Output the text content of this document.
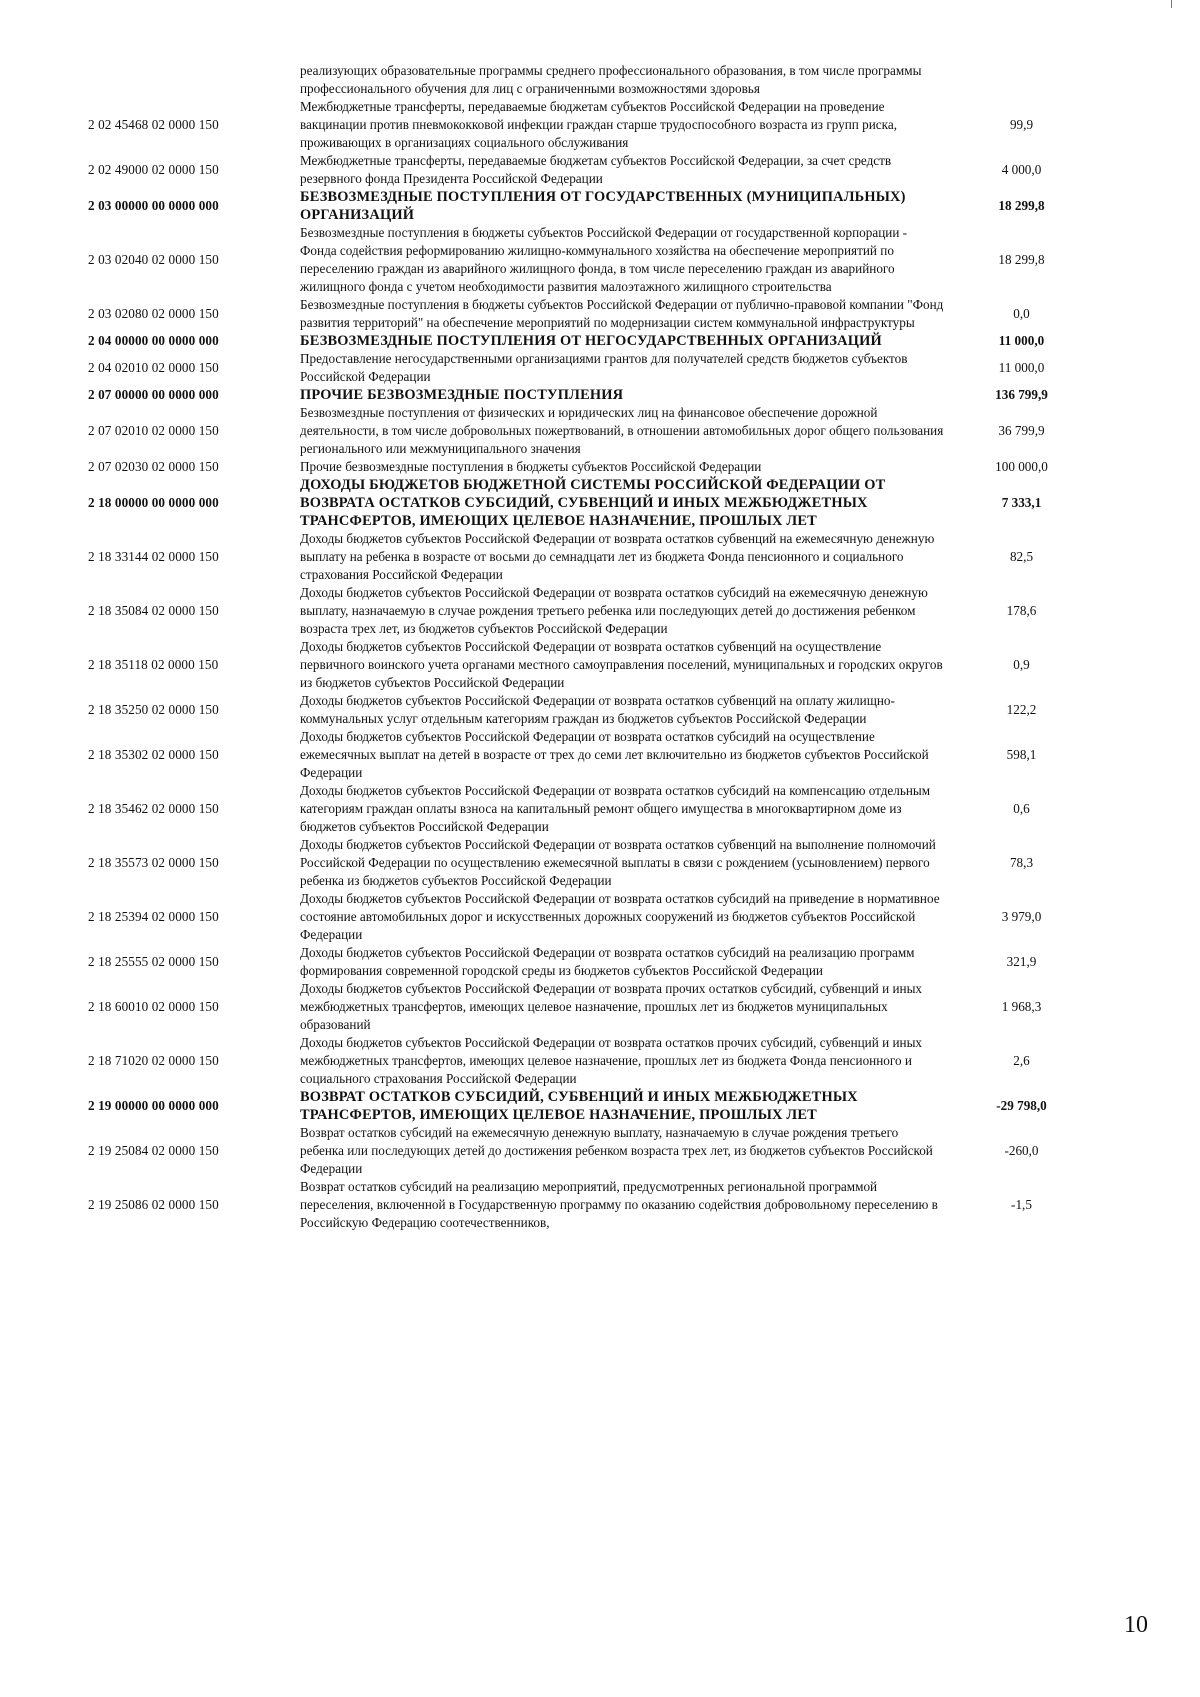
	реализующих образовательные программы среднего профессионального образования, в том числе программы профессионального обучения для лиц с ограниченными возможностями здоровья	
2 02 45468 02 0000 150	Межбюджетные трансферты, передаваемые бюджетам субъектов Российской Федерации на проведение вакцинации против пневмококковой инфекции граждан старше трудоспособного возраста из групп риска, проживающих в организациях социального обслуживания	99,9
2 02 49000 02 0000 150	Межбюджетные трансферты, передаваемые бюджетам субъектов Российской Федерации, за счет средств резервного фонда Президента Российской Федерации	4 000,0
2 03 00000 00 0000 000	БЕЗВОЗМЕЗДНЫЕ ПОСТУПЛЕНИЯ ОТ ГОСУДАРСТВЕННЫХ (МУНИЦИПАЛЬНЫХ) ОРГАНИЗАЦИЙ	18 299,8
2 03 02040 02 0000 150	Безвозмездные поступления в бюджеты субъектов Российской Федерации от государственной корпорации - Фонда содействия реформированию жилищно-коммунального хозяйства на обеспечение мероприятий по переселению граждан из аварийного жилищного фонда, в том числе переселению граждан из аварийного жилищного фонда с учетом необходимости развития малоэтажного жилищного строительства	18 299,8
2 03 02080 02 0000 150	Безвозмездные поступления в бюджеты субъектов Российской Федерации от публично-правовой компании "Фонд развития территорий" на обеспечение мероприятий по модернизации систем коммунальной инфраструктуры	0,0
2 04 00000 00 0000 000	БЕЗВОЗМЕЗДНЫЕ ПОСТУПЛЕНИЯ ОТ НЕГОСУДАРСТВЕННЫХ ОРГАНИЗАЦИЙ	11 000,0
2 04 02010 02 0000 150	Предоставление негосударственными организациями грантов для получателей средств бюджетов субъектов Российской Федерации	11 000,0
2 07 00000 00 0000 000	ПРОЧИЕ БЕЗВОЗМЕЗДНЫЕ ПОСТУПЛЕНИЯ	136 799,9
2 07 02010 02 0000 150	Безвозмездные поступления от физических и юридических лиц на финансовое обеспечение дорожной деятельности, в том числе добровольных пожертвований, в отношении автомобильных дорог общего пользования регионального или межмуниципального значения	36 799,9
2 07 02030 02 0000 150	Прочие безвозмездные поступления в бюджеты субъектов Российской Федерации	100 000,0
2 18 00000 00 0000 000	ДОХОДЫ БЮДЖЕТОВ БЮДЖЕТНОЙ СИСТЕМЫ РОССИЙСКОЙ ФЕДЕРАЦИИ ОТ ВОЗВРАТА ОСТАТКОВ СУБСИДИЙ, СУБВЕНЦИЙ И ИНЫХ МЕЖБЮДЖЕТНЫХ ТРАНСФЕРТОВ, ИМЕЮЩИХ ЦЕЛЕВОЕ НАЗНАЧЕНИЕ, ПРОШЛЫХ ЛЕТ	7 333,1
2 18 33144 02 0000 150	Доходы бюджетов субъектов Российской Федерации от возврата остатков субвенций на ежемесячную денежную выплату на ребенка в возрасте от восьми до семнадцати лет из бюджета Фонда пенсионного и социального страхования Российской Федерации	82,5
2 18 35084 02 0000 150	Доходы бюджетов субъектов Российской Федерации от возврата остатков субсидий на ежемесячную денежную выплату, назначаемую в случае рождения третьего ребенка или последующих детей до достижения ребенком возраста трех лет, из бюджетов субъектов Российской Федерации	178,6
2 18 35118 02 0000 150	Доходы бюджетов субъектов Российской Федерации от возврата остатков субвенций на осуществление первичного воинского учета органами местного самоуправления поселений, муниципальных и городских округов из бюджетов субъектов Российской Федерации	0,9
2 18 35250 02 0000 150	Доходы бюджетов субъектов Российской Федерации от возврата остатков субвенций на оплату жилищно-коммунальных услуг отдельным категориям граждан из бюджетов субъектов Российской Федерации	122,2
2 18 35302 02 0000 150	Доходы бюджетов субъектов Российской Федерации от возврата остатков субсидий на осуществление ежемесячных выплат на детей в возрасте от трех до семи лет включительно из бюджетов субъектов Российской Федерации	598,1
2 18 35462 02 0000 150	Доходы бюджетов субъектов Российской Федерации от возврата остатков субсидий на компенсацию отдельным категориям граждан оплаты взноса на капитальный ремонт общего имущества в многоквартирном доме из бюджетов субъектов Российской Федерации	0,6
2 18 35573 02 0000 150	Доходы бюджетов субъектов Российской Федерации от возврата остатков субвенций на выполнение полномочий Российской Федерации по осуществлению ежемесячной выплаты в связи с рождением (усыновлением) первого ребенка из бюджетов субъектов Российской Федерации	78,3
2 18 25394 02 0000 150	Доходы бюджетов субъектов Российской Федерации от возврата остатков субсидий на приведение в нормативное состояние автомобильных дорог и искусственных дорожных сооружений из бюджетов субъектов Российской Федерации	3 979,0
2 18 25555 02 0000 150	Доходы бюджетов субъектов Российской Федерации от возврата остатков субсидий на реализацию программ формирования современной городской среды из бюджетов субъектов Российской Федерации	321,9
2 18 60010 02 0000 150	Доходы бюджетов субъектов Российской Федерации от возврата прочих остатков субсидий, субвенций и иных межбюджетных трансфертов, имеющих целевое назначение, прошлых лет из бюджетов муниципальных образований	1 968,3
2 18 71020 02 0000 150	Доходы бюджетов субъектов Российской Федерации от возврата остатков прочих субсидий, субвенций и иных межбюджетных трансфертов, имеющих целевое назначение, прошлых лет из бюджета Фонда пенсионного и социального страхования Российской Федерации	2,6
2 19 00000 00 0000 000	ВОЗВРАТ ОСТАТКОВ СУБСИДИЙ, СУБВЕНЦИЙ И ИНЫХ МЕЖБЮДЖЕТНЫХ ТРАНСФЕРТОВ, ИМЕЮЩИХ ЦЕЛЕВОЕ НАЗНАЧЕНИЕ, ПРОШЛЫХ ЛЕТ	-29 798,0
2 19 25084 02 0000 150	Возврат остатков субсидий на ежемесячную денежную выплату, назначаемую в случае рождения третьего ребенка или последующих детей до достижения ребенком возраста трех лет, из бюджетов субъектов Российской Федерации	-260,0
2 19 25086 02 0000 150	Возврат остатков субсидий на реализацию мероприятий, предусмотренных региональной программой переселения, включенной в Государственную программу по оказанию содействия добровольному переселению в Российскую Федерацию соотечественников,	-1,5
10
